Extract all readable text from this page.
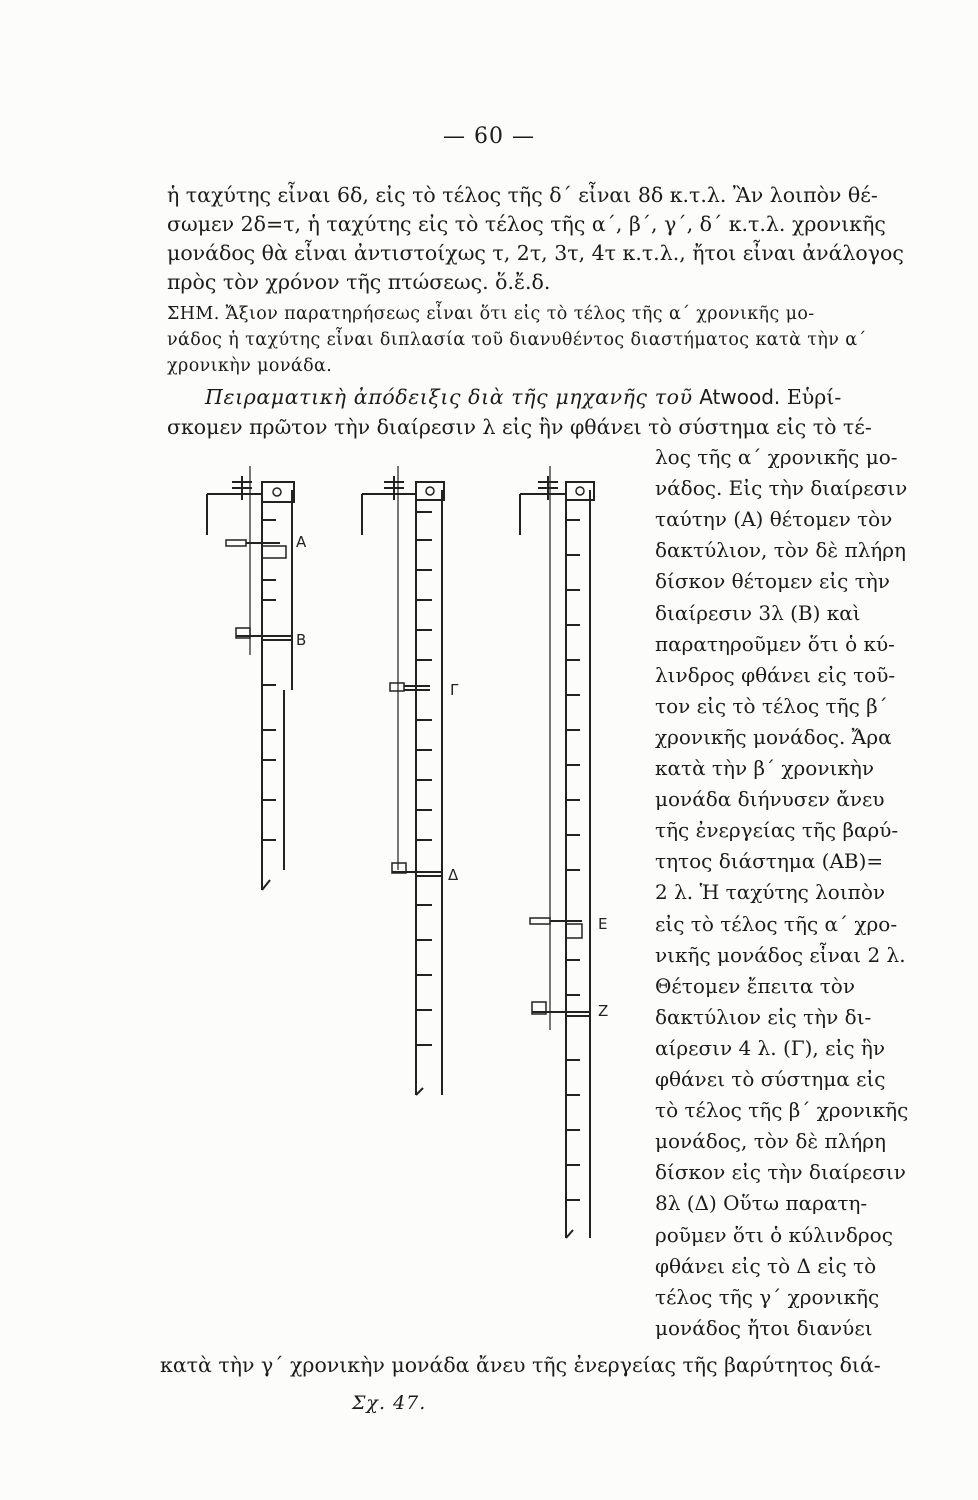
— 60 —
ἡ ταχύτης εἶναι 6δ, εἰς τὸ τέλος τῆς δ΄ εἶναι 8δ κ.τ.λ. Ἂν λοιπὸν θέ-
σωμεν 2δ=τ, ἡ ταχύτης εἰς τὸ τέλος τῆς α΄, β΄, γ΄, δ΄ κ.τ.λ. χρονικῆς
μονάδος θὰ εἶναι ἀντιστοίχως τ, 2τ, 3τ, 4τ κ.τ.λ., ἤτοι εἶναι ἀνάλογος
πρὸς τὸν χρόνον τῆς πτώσεως. ὅ.ἔ.δ.
ΣΗΜ. Ἄξιον παρατηρήσεως εἶναι ὅτι εἰς τὸ τέλος τῆς α΄ χρονικῆς μο-
νάδος ἡ ταχύτης εἶναι διπλασία τοῦ διανυθέντος διαστήματος κατὰ τὴν α΄
χρονικὴν μονάδα.
Πειραματικὴ ἀπόδειξις διὰ τῆς μηχανῆς τοῦ Atwood. Εὑρί-
σκομεν πρῶτον τὴν διαίρεσιν λ εἰς ἣν φθάνει τὸ σύστημα εἰς τὸ τέ-
λος τῆς α΄ χρονικῆς μο-
νάδος. Εἰς τὴν διαίρεσιν
ταύτην (Α) θέτομεν τὸν
δακτύλιον, τὸν δὲ πλήρη
δίσκον θέτομεν εἰς τὴν
διαίρεσιν 3λ (Β) καὶ
παρατηροῦμεν ὅτι ὁ κύ-
λινδρος φθάνει εἰς τοῦ-
τον εἰς τὸ τέλος τῆς β΄
χρονικῆς μονάδος. Ἄρα
κατὰ τὴν β΄ χρονικὴν
μονάδα διήνυσεν ἄνευ
τῆς ἐνεργείας τῆς βαρύ-
τητος διάστημα (ΑΒ)=
2 λ. Ἡ ταχύτης λοιπὸν
εἰς τὸ τέλος τῆς α΄ χρο-
νικῆς μονάδος εἶναι 2 λ.
Θέτομεν ἔπειτα τὸν
δακτύλιον εἰς τὴν δι-
αίρεσιν 4 λ. (Γ), εἰς ἣν
φθάνει τὸ σύστημα εἰς
τὸ τέλος τῆς β΄ χρονικῆς
μονάδος, τὸν δὲ πλήρη
δίσκον εἰς τὴν διαίρεσιν
8λ (Δ) Οὕτω παρατη-
ροῦμεν ὅτι ὁ κύλινδρος
φθάνει εἰς τὸ Δ εἰς τὸ
τέλος τῆς γ΄ χρονικῆς
μονάδος ἤτοι διανύει
κατὰ τὴν γ΄ χρονικὴν μονάδα ἄνευ τῆς ἐνεργείας τῆς βαρύτητος διά-
Α
Β
Γ
Δ
Ε
Ζ
Σχ. 47.
